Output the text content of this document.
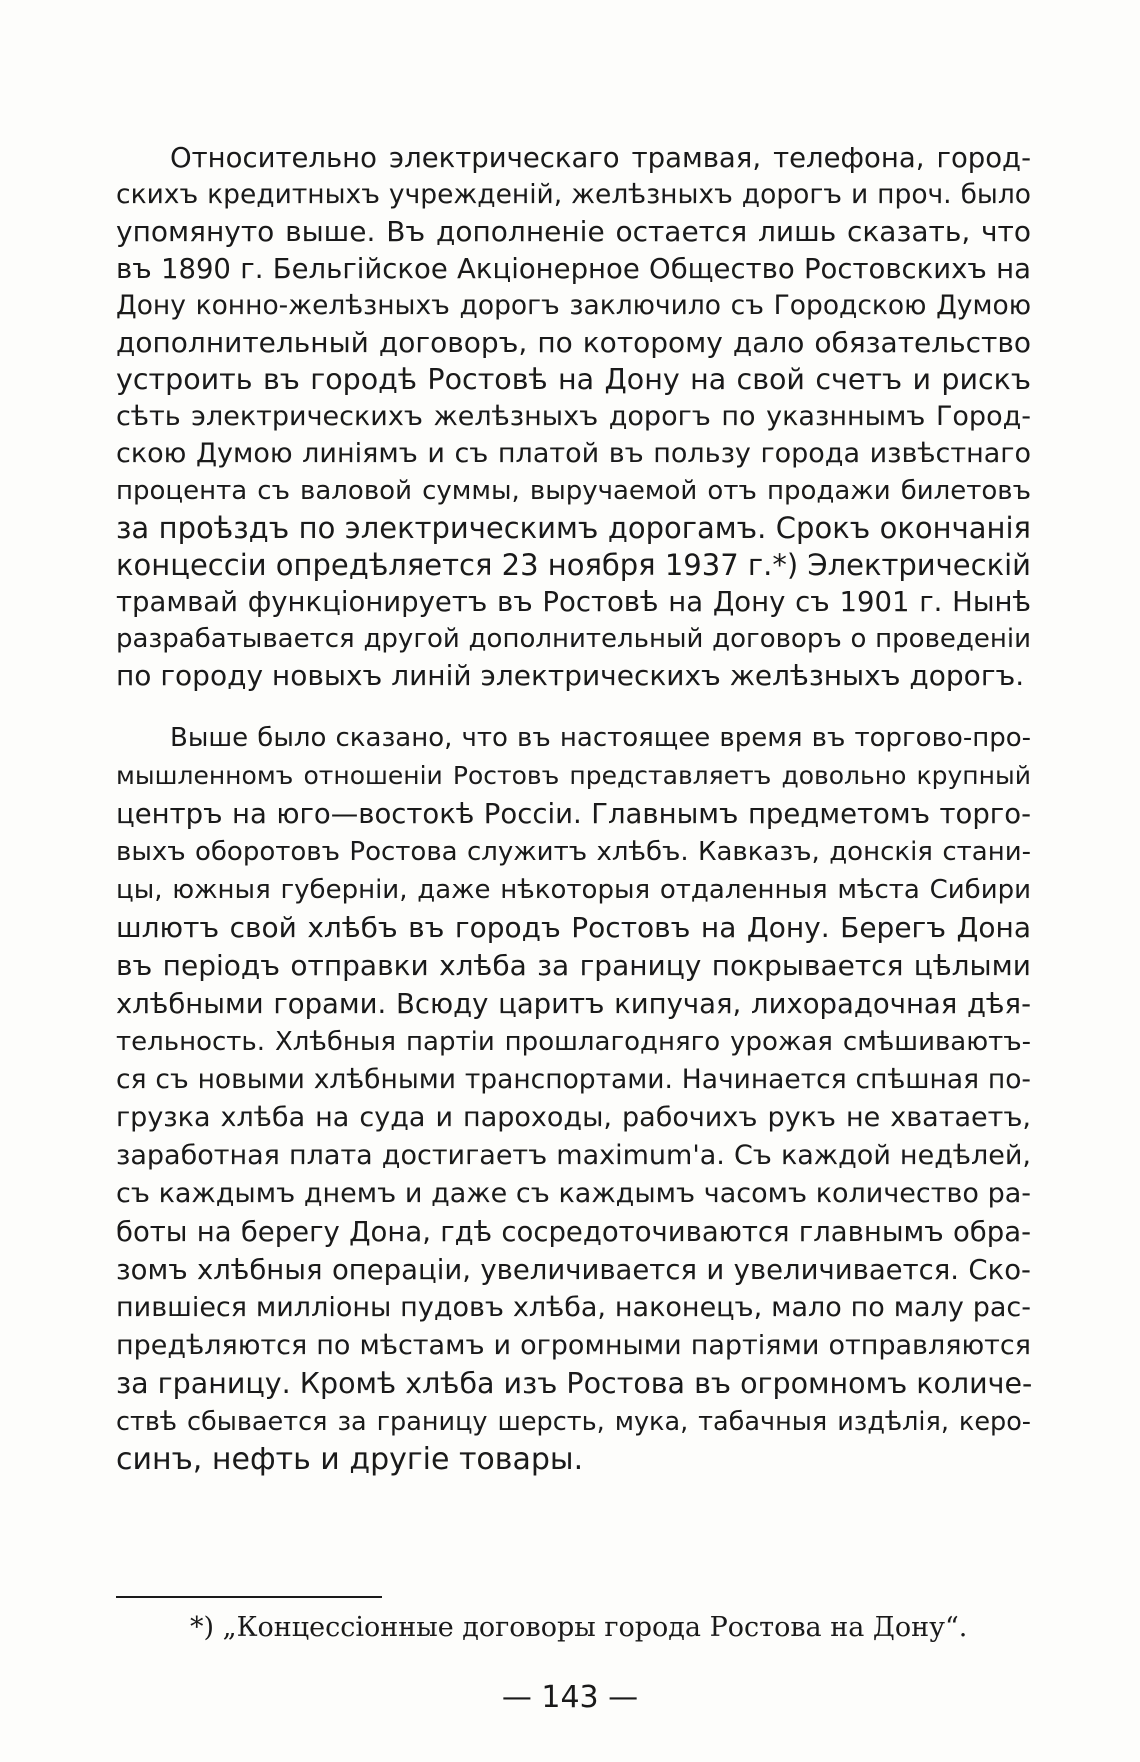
Относительно электрическаго трамвая, телефона, город-
скихъ кредитныхъ учрежденій, желѣзныхъ дорогъ и проч. было
упомянуто выше. Въ дополненіе остается лишь сказать, что
въ 1890 г. Бельгійское Акціонерное Общество Ростовскихъ на
Дону конно-желѣзныхъ дорогъ заключило съ Городскою Думою
дополнительный договоръ, по которому дало обязательство
устроить въ городѣ Ростовѣ на Дону на свой счетъ и рискъ
сѣть электрическихъ желѣзныхъ дорогъ по указннымъ Город-
скою Думою линіямъ и съ платой въ пользу города извѣстнаго
процента съ валовой суммы, выручаемой отъ продажи билетовъ
за проѣздъ по электрическимъ дорогамъ. Срокъ окончанія
концессіи опредѣляется 23 ноября 1937 г.*) Электрическій
трамвай функціонируетъ въ Ростовѣ на Дону съ 1901 г. Нынѣ
разрабатывается другой дополнительный договоръ о проведеніи
по городу новыхъ линій электрическихъ желѣзныхъ дорогъ.
Выше было сказано, что въ настоящее время въ торгово-про-
мышленномъ отношеніи Ростовъ представляетъ довольно крупный
центръ на юго—востокѣ Россіи. Главнымъ предметомъ торго-
выхъ оборотовъ Ростова служитъ хлѣбъ. Кавказъ, донскія стани-
цы, южныя губерніи, даже нѣкоторыя отдаленныя мѣста Сибири
шлютъ свой хлѣбъ въ городъ Ростовъ на Дону. Берегъ Дона
въ періодъ отправки хлѣба за границу покрывается цѣлыми
хлѣбными горами. Всюду царитъ кипучая, лихорадочная дѣя-
тельность. Хлѣбныя партіи прошлагодняго урожая смѣшиваютъ-
ся съ новыми хлѣбными транспортами. Начинается спѣшная по-
грузка хлѣба на суда и пароходы, рабочихъ рукъ не хватаетъ,
заработная плата достигаетъ maximum'а. Съ каждой недѣлей,
съ каждымъ днемъ и даже съ каждымъ часомъ количество ра-
боты на берегу Дона, гдѣ сосредоточиваются главнымъ обра-
зомъ хлѣбныя операціи, увеличивается и увеличивается. Ско-
пившіеся милліоны пудовъ хлѣба, наконецъ, мало по малу рас-
предѣляются по мѣстамъ и огромными партіями отправляются
за границу. Кромѣ хлѣба изъ Ростова въ огромномъ количе-
ствѣ сбывается за границу шерсть, мука, табачныя издѣлія, керо-
синъ, нефть и другіе товары.
*) „Концессіонные договоры города Ростова на Дону“.
— 143 —
